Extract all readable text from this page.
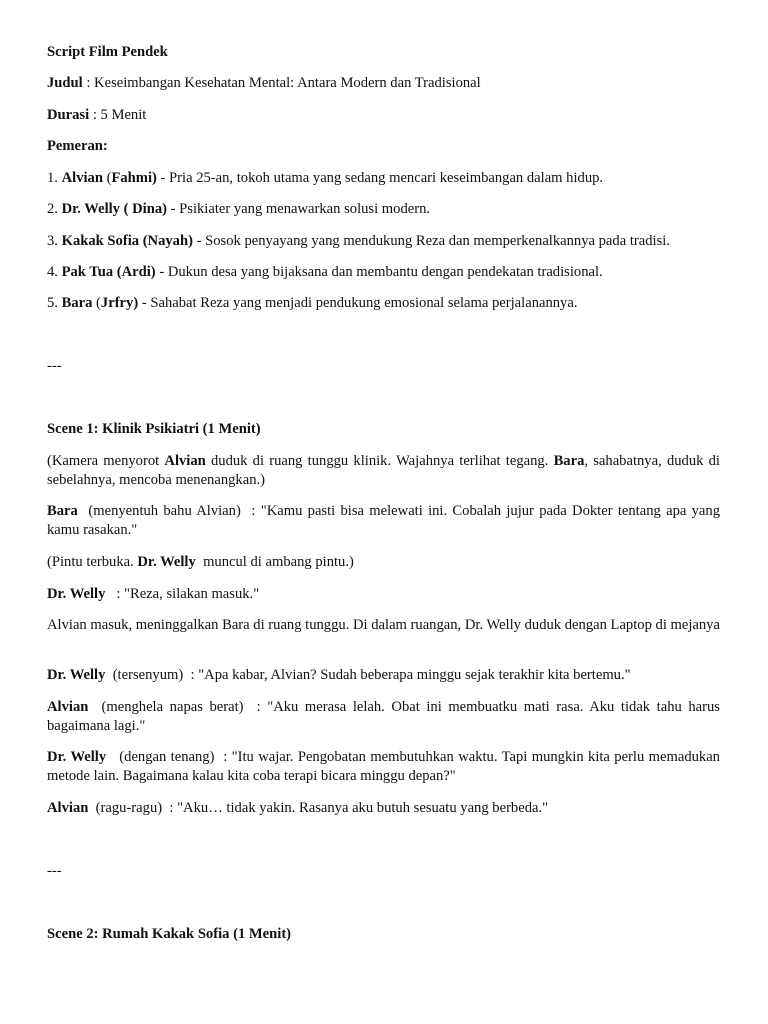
Script Film Pendek

Judul : Keseimbangan Kesehatan Mental: Antara Modern dan Tradisional

Durasi : 5 Menit

Pemeran:

1. Alvian (Fahmi) - Pria 25-an, tokoh utama yang sedang mencari keseimbangan dalam hidup.

2. Dr. Welly ( Dina) - Psikiater yang menawarkan solusi modern.

3. Kakak Sofia (Nayah) - Sosok penyayang yang mendukung Reza dan memperkenalkannya pada tradisi.

4. Pak Tua (Ardi) - Dukun desa yang bijaksana dan membantu dengan pendekatan tradisional.

5. Bara (Jrfry) - Sahabat Reza yang menjadi pendukung emosional selama perjalanannya.

---

Scene 1: Klinik Psikiatri (1 Menit)

(Kamera menyorot Alvian duduk di ruang tunggu klinik. Wajahnya terlihat tegang. Bara, sahabatnya, duduk di sebelahnya, mencoba menenangkan.)

Bara  (menyentuh bahu Alvian)  : "Kamu pasti bisa melewati ini. Cobalah jujur pada Dokter tentang apa yang kamu rasakan."

(Pintu terbuka. Dr. Welly  muncul di ambang pintu.)

Dr. Welly   : "Reza, silakan masuk."

Alvian masuk, meninggalkan Bara di ruang tunggu. Di dalam ruangan, Dr. Welly duduk dengan Laptop di mejanya

Dr. Welly  (tersenyum)  : "Apa kabar, Alvian? Sudah beberapa minggu sejak terakhir kita bertemu."

Alvian  (menghela napas berat)  : "Aku merasa lelah. Obat ini membuatku mati rasa. Aku tidak tahu harus bagaimana lagi."

Dr. Welly   (dengan tenang)  : "Itu wajar. Pengobatan membutuhkan waktu. Tapi mungkin kita perlu memadukan metode lain. Bagaimana kalau kita coba terapi bicara minggu depan?"

Alvian  (ragu-ragu)  : "Aku… tidak yakin. Rasanya aku butuh sesuatu yang berbeda."

---

Scene 2: Rumah Kakak Sofia (1 Menit)
